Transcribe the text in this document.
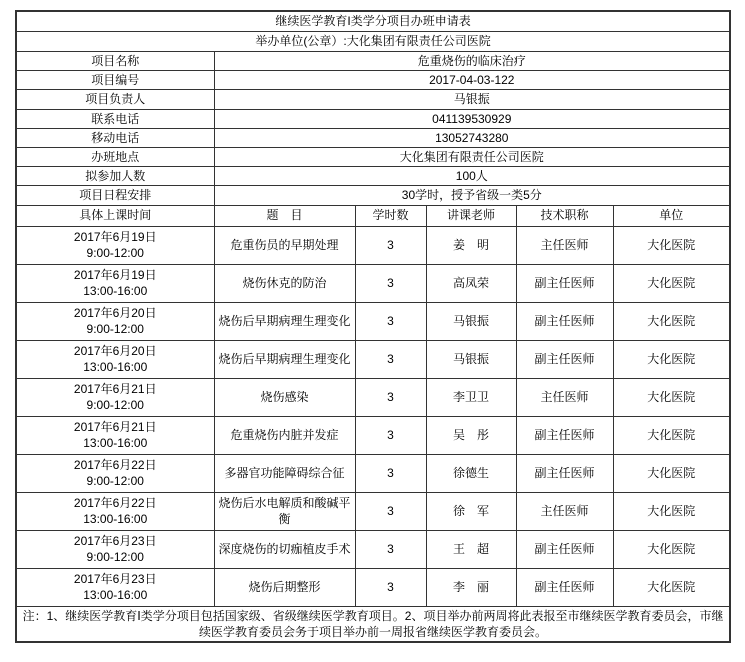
继续医学教育I类学分项目办班申请表					
举办单位(公章）:大化集团有限责任公司医院					
项目名称	危重烧伤的临床治疗				
项目编号	2017-04-03-122				
项目负责人	马银振				
联系电话	041139530929				
移动电话	13052743280				
办班地点	大化集团有限责任公司医院				
拟参加人数	100人				
项目日程安排	30学时，授予省级一类5分				
具体上课时间	题　目	学时数	讲课老师	技术职称	单位

2017年6月19日
9:00-12:00	危重伤员的早期处理	3	姜　明	主任医师	大化医院

2017年6月19日
13:00-16:00	烧伤休克的防治	3	高凤荣	副主任医师	大化医院

2017年6月20日
9:00-12:00	烧伤后早期病理生理变化	3	马银振	副主任医师	大化医院

2017年6月20日
13:00-16:00	烧伤后早期病理生理变化	3	马银振	副主任医师	大化医院

2017年6月21日
9:00-12:00	烧伤感染	3	李卫卫	主任医师	大化医院

2017年6月21日
13:00-16:00	危重烧伤内脏并发症	3	吴　彤	副主任医师	大化医院

2017年6月22日
9:00-12:00	多器官功能障碍综合征	3	徐德生	副主任医师	大化医院

2017年6月22日
13:00-16:00	烧伤后水电解质和酸碱平衡	3	徐　军	主任医师	大化医院

2017年6月23日
9:00-12:00	深度烧伤的切痂植皮手术	3	王　超	副主任医师	大化医院

2017年6月23日
13:00-16:00	烧伤后期整形	3	李　丽	副主任医师	大化医院
注：1、继续医学教育Ⅰ类学分项目包括国家级、省级继续医学教育项目。2、项目举办前两周将此表报至市继续医学教育委员会，市继续医学教育委员会务于项目举办前一周报省继续医学教育委员会。					
